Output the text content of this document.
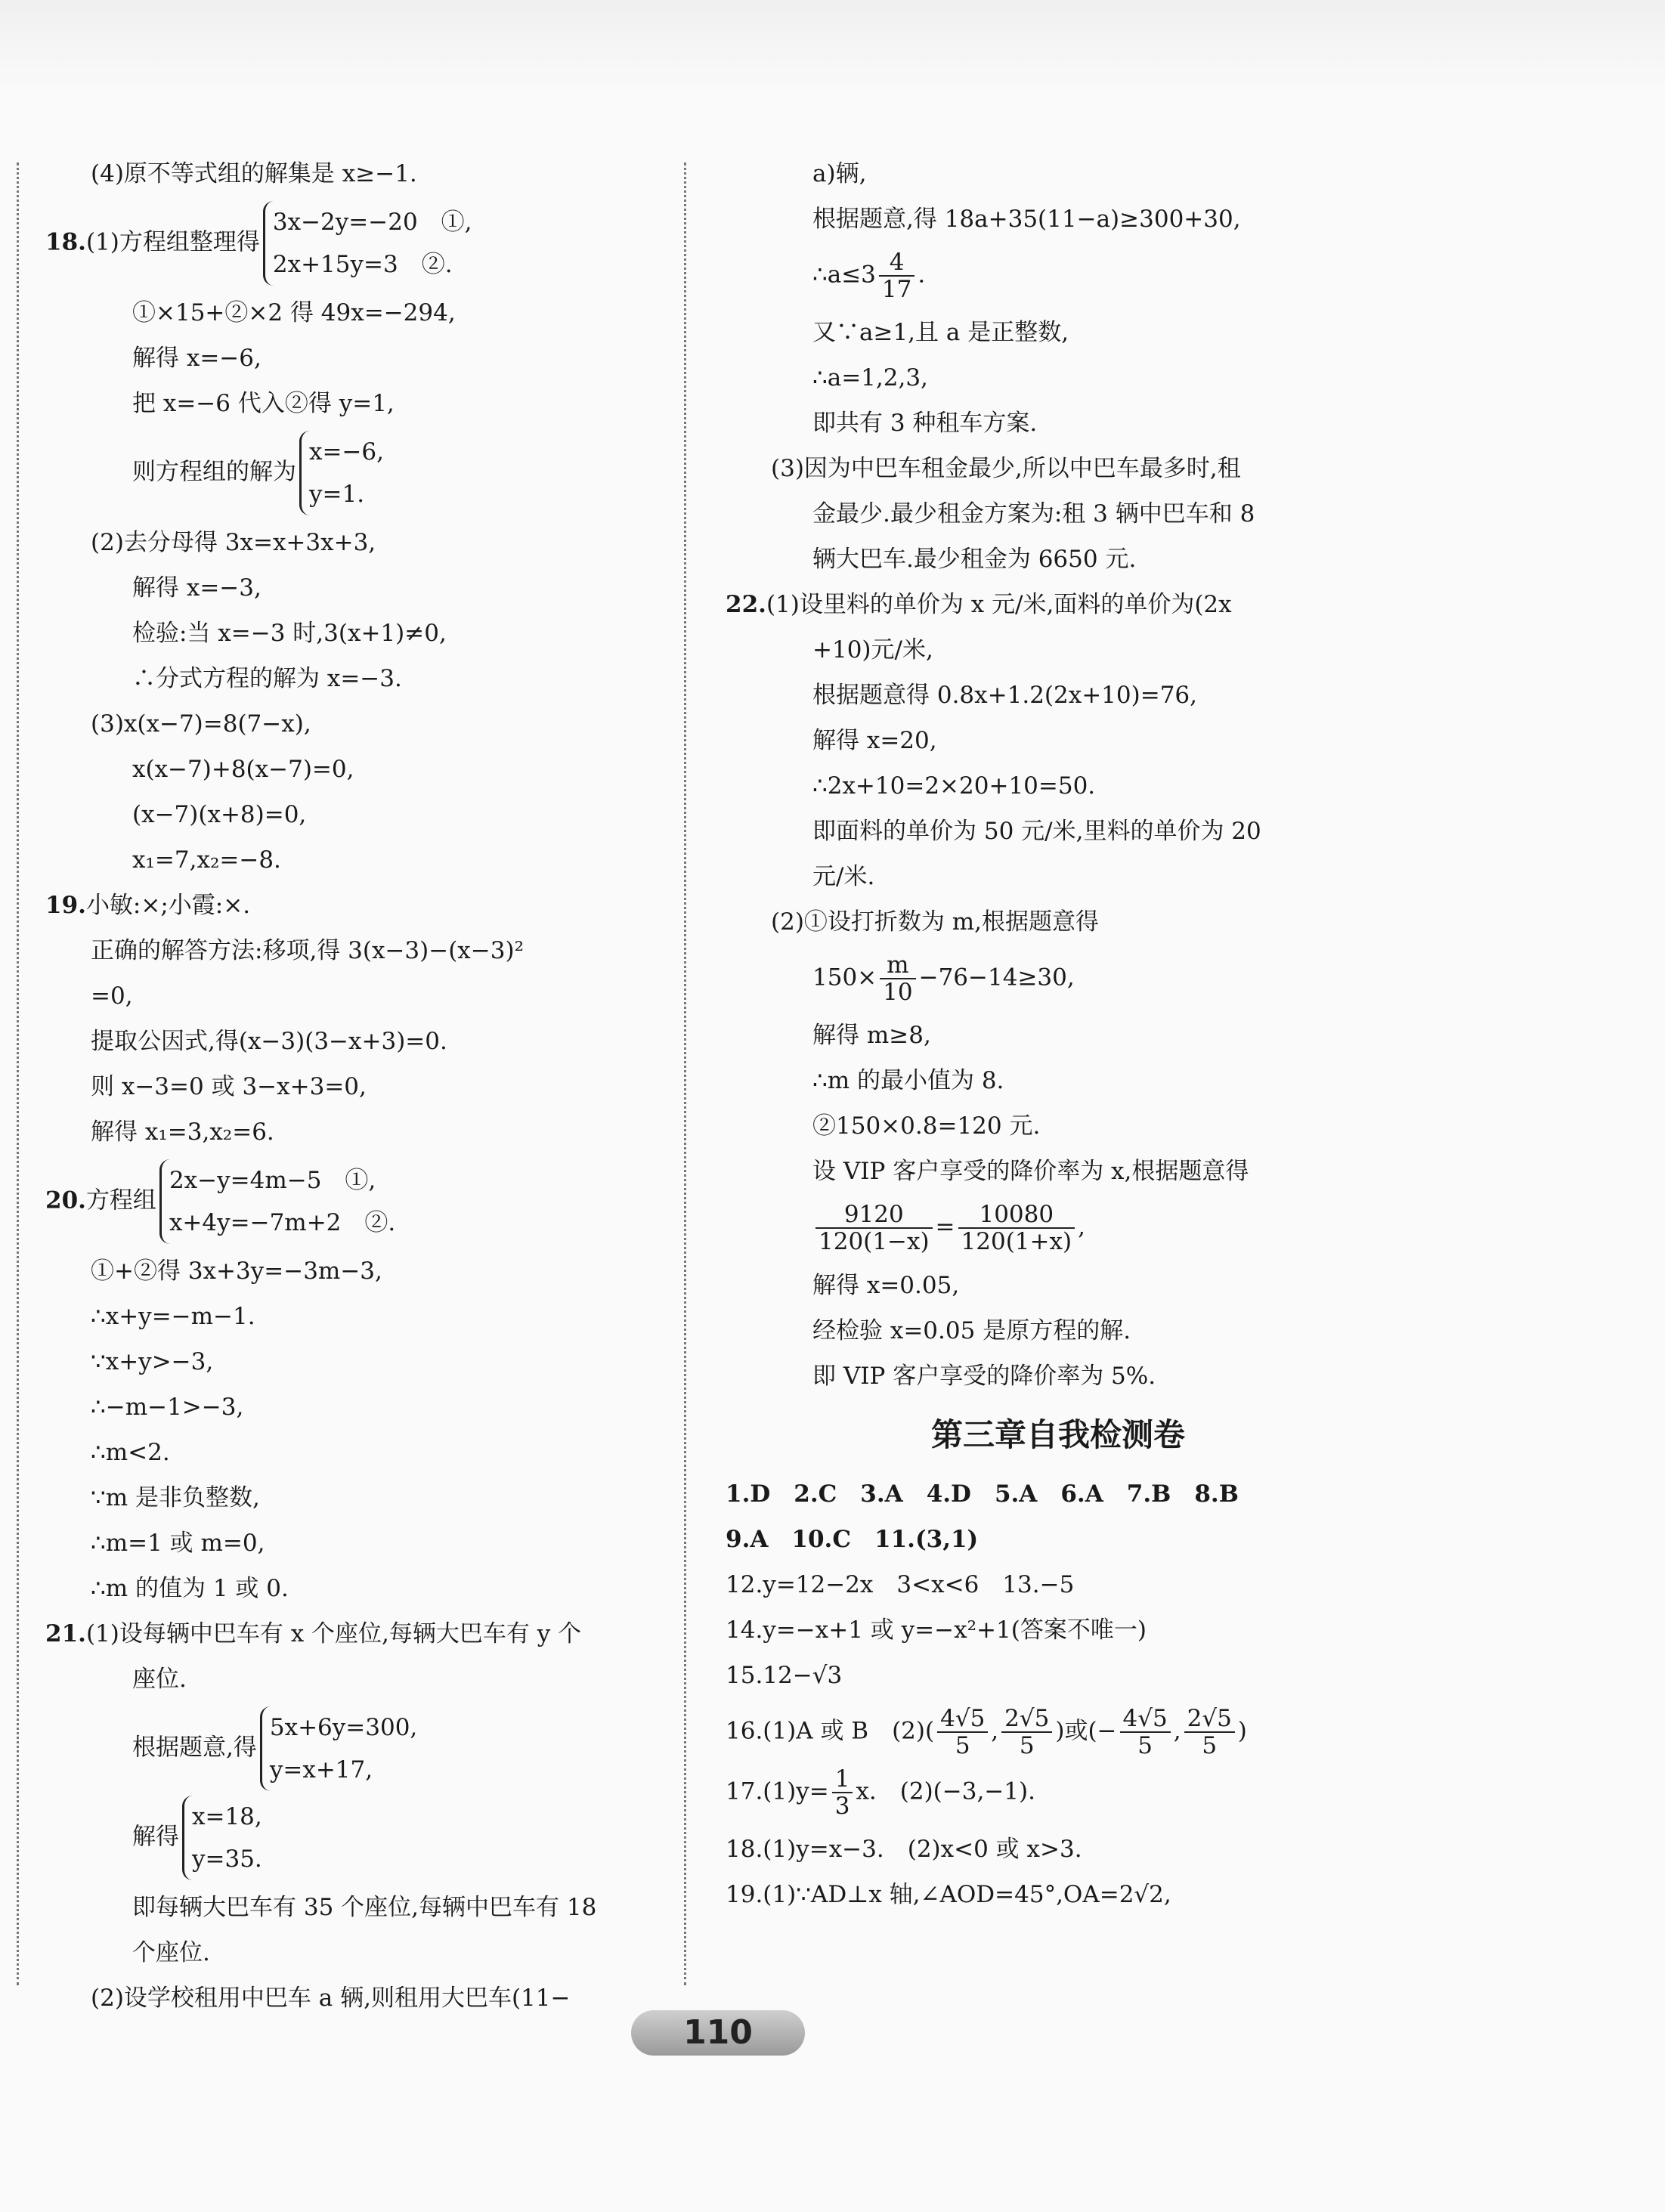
(4)原不等式组的解集是 x≥−1.
18.(1)方程组整理得
3x−2y=−20　①,
2x+15y=3　②.
①×15+②×2 得 49x=−294,
解得 x=−6,
把 x=−6 代入②得 y=1,
则方程组的解为
x=−6,
y=1.
(2)去分母得 3x=x+3x+3,
解得 x=−3,
检验:当 x=−3 时,3(x+1)≠0,
∴分式方程的解为 x=−3.
(3)x(x−7)=8(7−x),
x(x−7)+8(x−7)=0,
(x−7)(x+8)=0,
x₁=7,x₂=−8.
19.小敏:×;小霞:×.
正确的解答方法:移项,得 3(x−3)−(x−3)²
=0,
提取公因式,得(x−3)(3−x+3)=0.
则 x−3=0 或 3−x+3=0,
解得 x₁=3,x₂=6.
20.方程组
2x−y=4m−5　①,
x+4y=−7m+2　②.
①+②得 3x+3y=−3m−3,
∴x+y=−m−1.
∵x+y>−3,
∴−m−1>−3,
∴m<2.
∵m 是非负整数,
∴m=1 或 m=0,
∴m 的值为 1 或 0.
21.(1)设每辆中巴车有 x 个座位,每辆大巴车有 y 个
座位.
根据题意,得
5x+6y=300,
y=x+17,
解得
x=18,
y=35.
即每辆大巴车有 35 个座位,每辆中巴车有 18
个座位.
(2)设学校租用中巴车 a 辆,则租用大巴车(11−
a)辆,
根据题意,得 18a+35(11−a)≥300+30,
∴a≤3 $\frac{4}{17}$ .
又∵a≥1,且 a 是正整数,
∴a=1,2,3,
即共有 3 种租车方案.
(3)因为中巴车租金最少,所以中巴车最多时,租
金最少.最少租金方案为:租 3 辆中巴车和 8
辆大巴车.最少租金为 6650 元.
22.(1)设里料的单价为 x 元/米,面料的单价为(2x
+10)元/米,
根据题意得 0.8x+1.2(2x+10)=76,
解得 x=20,
∴2x+10=2×20+10=50.
即面料的单价为 50 元/米,里料的单价为 20
元/米.
(2)①设打折数为 m,根据题意得
$150\times \frac{m}{10} -76-14\ge 30$,
解得 m≥8,
∴m 的最小值为 8.
②150×0.8=120 元.
设 VIP 客户享受的降价率为 x,根据题意得
$\frac{9120}{120(1-x)} = \frac{10080}{120(1+x)}$ ,
解得 x=0.05,
经检验 x=0.05 是原方程的解.
即 VIP 客户享受的降价率为 5%.
第三章自我检测卷
1.D　2.C　3.A　4.D　5.A　6.A　7.B　8.B
9.A　10.C　11.(3,1)
12.y=12−2x　3<x<6　13.−5
14.y=−x+1 或 y=−x²+1(答案不唯一)
15.12−√3
16.(1)A 或 B　$(2)( \frac{4√5}{5}$ , $\frac{2√5}{5}$ )或(− $\frac{4√5}{5}$ , $\frac{2√5}{5}$ )
$17.(1)y= \frac{1}{3} x$.　(2)(−3,−1).
18.(1)y=x−3.　(2)x<0 或 x>3.
19.(1)∵AD⊥x 轴,∠AOD=45°,OA=2√2,
110
